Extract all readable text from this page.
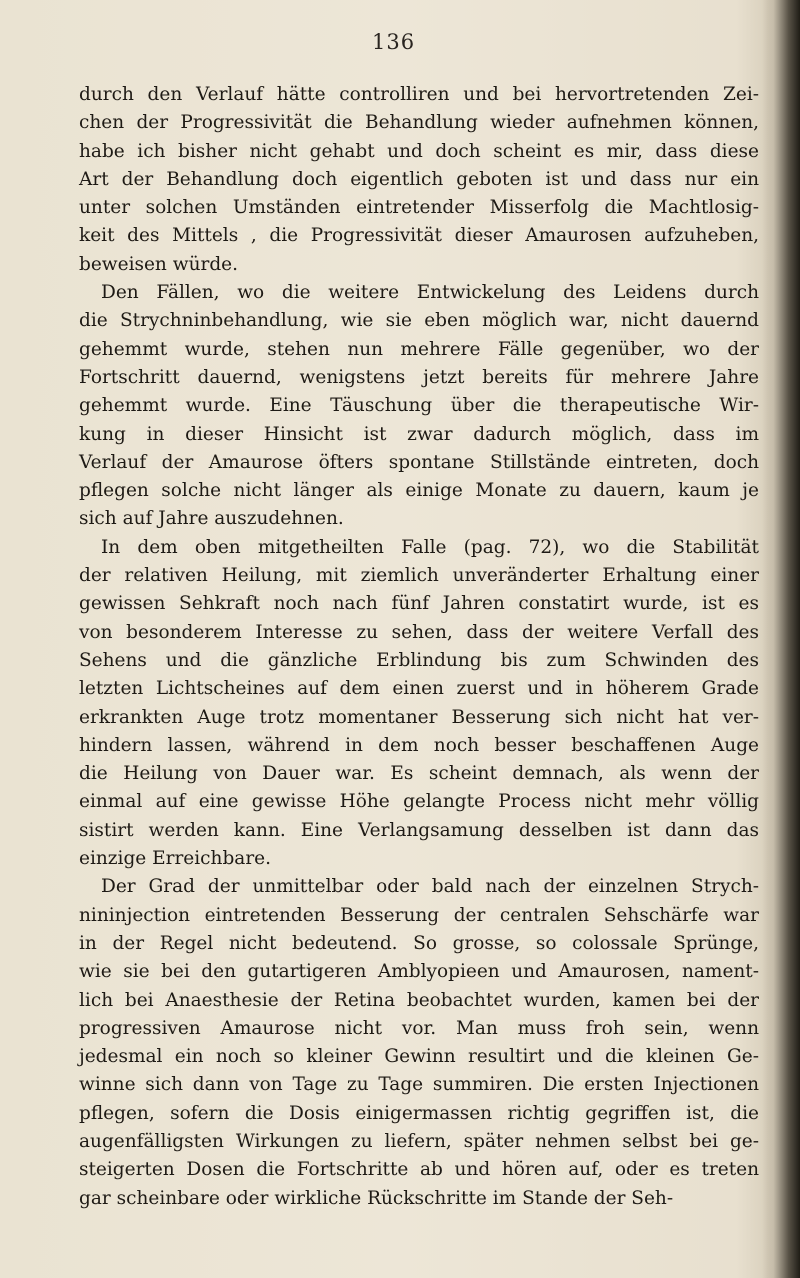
136
durch den Verlauf hätte controlliren und bei hervortretenden Zei-
chen der Progressivität die Behandlung wieder aufnehmen können,
habe ich bisher nicht gehabt und doch scheint es mir, dass diese
Art der Behandlung doch eigentlich geboten ist und dass nur ein
unter solchen Umständen eintretender Misserfolg die Machtlosig-
keit des Mittels , die Progressivität dieser Amaurosen aufzuheben,
beweisen würde.
Den Fällen, wo die weitere Entwickelung des Leidens durch
die Strychninbehandlung, wie sie eben möglich war, nicht dauernd
gehemmt wurde, stehen nun mehrere Fälle gegenüber, wo der
Fortschritt dauernd, wenigstens jetzt bereits für mehrere Jahre
gehemmt wurde. Eine Täuschung über die therapeutische Wir-
kung in dieser Hinsicht ist zwar dadurch möglich, dass im
Verlauf der Amaurose öfters spontane Stillstände eintreten, doch
pflegen solche nicht länger als einige Monate zu dauern, kaum je
sich auf Jahre auszudehnen.
In dem oben mitgetheilten Falle (pag. 72), wo die Stabilität
der relativen Heilung, mit ziemlich unveränderter Erhaltung einer
gewissen Sehkraft noch nach fünf Jahren constatirt wurde, ist es
von besonderem Interesse zu sehen, dass der weitere Verfall des
Sehens und die gänzliche Erblindung bis zum Schwinden des
letzten Lichtscheines auf dem einen zuerst und in höherem Grade
erkrankten Auge trotz momentaner Besserung sich nicht hat ver-
hindern lassen, während in dem noch besser beschaffenen Auge
die Heilung von Dauer war. Es scheint demnach, als wenn der
einmal auf eine gewisse Höhe gelangte Process nicht mehr völlig
sistirt werden kann. Eine Verlangsamung desselben ist dann das
einzige Erreichbare.
Der Grad der unmittelbar oder bald nach der einzelnen Strych-
nininjection eintretenden Besserung der centralen Sehschärfe war
in der Regel nicht bedeutend. So grosse, so colossale Sprünge,
wie sie bei den gutartigeren Amblyopieen und Amaurosen, nament-
lich bei Anaesthesie der Retina beobachtet wurden, kamen bei der
progressiven Amaurose nicht vor. Man muss froh sein, wenn
jedesmal ein noch so kleiner Gewinn resultirt und die kleinen Ge-
winne sich dann von Tage zu Tage summiren. Die ersten Injectionen
pflegen, sofern die Dosis einigermassen richtig gegriffen ist, die
augenfälligsten Wirkungen zu liefern, später nehmen selbst bei ge-
steigerten Dosen die Fortschritte ab und hören auf, oder es treten
gar scheinbare oder wirkliche Rückschritte im Stande der Seh-
